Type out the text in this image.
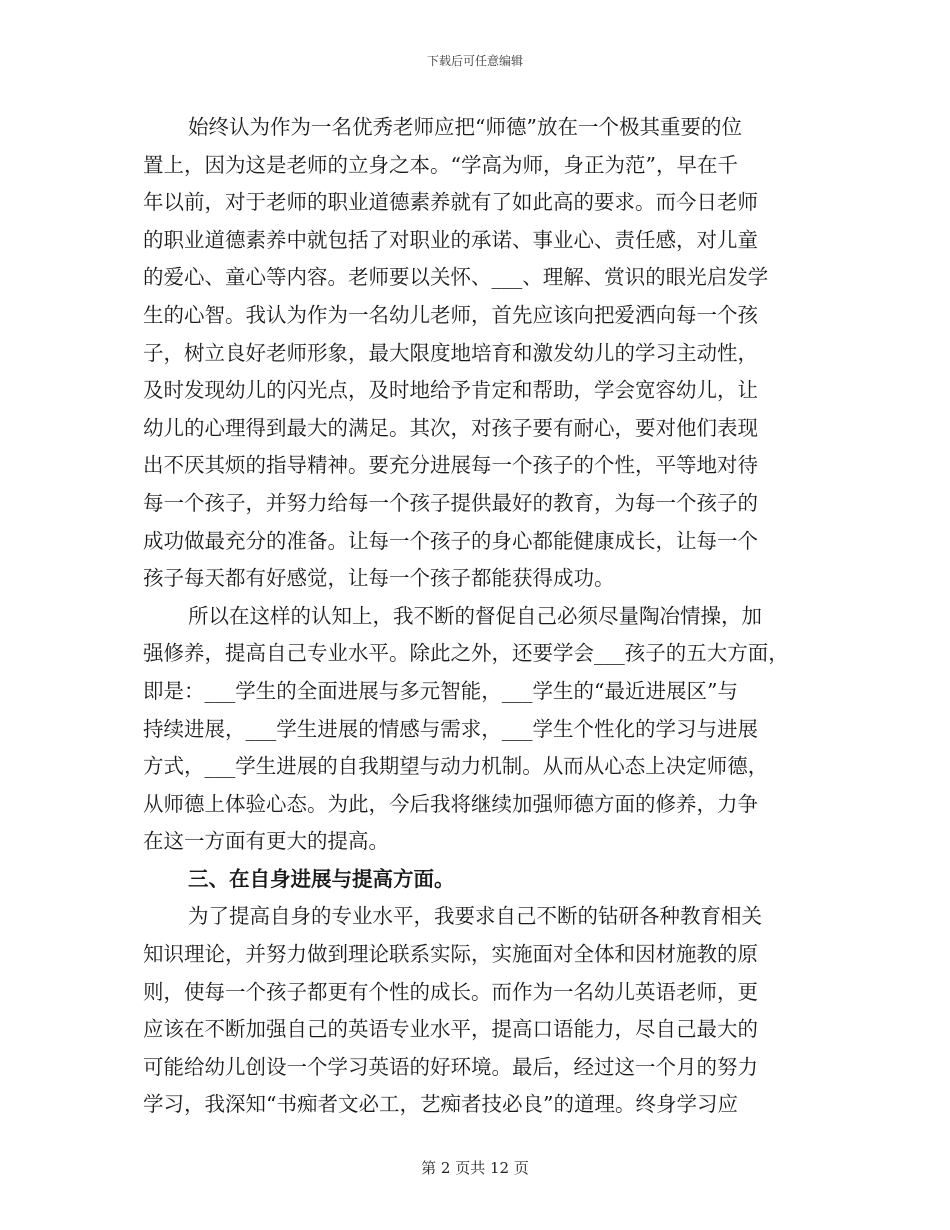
下载后可任意编辑
始终认为作为一名优秀老师应把“师德”放在一个极其重要的位
置上，因为这是老师的立身之本。“学高为师，身正为范”，早在千
年以前，对于老师的职业道德素养就有了如此高的要求。而今日老师
的职业道德素养中就包括了对职业的承诺、事业心、责任感，对儿童
的爱心、童心等内容。老师要以关怀、___、理解、赏识的眼光启发学
生的心智。我认为作为一名幼儿老师，首先应该向把爱洒向每一个孩
子，树立良好老师形象，最大限度地培育和激发幼儿的学习主动性，
及时发现幼儿的闪光点，及时地给予肯定和帮助，学会宽容幼儿，让
幼儿的心理得到最大的满足。其次，对孩子要有耐心，要对他们表现
出不厌其烦的指导精神。要充分进展每一个孩子的个性，平等地对待
每一个孩子，并努力给每一个孩子提供最好的教育，为每一个孩子的
成功做最充分的准备。让每一个孩子的身心都能健康成长，让每一个
孩子每天都有好感觉，让每一个孩子都能获得成功。
所以在这样的认知上，我不断的督促自己必须尽量陶冶情操，加
强修养，提高自己专业水平。除此之外，还要学会___孩子的五大方面，
即是：___学生的全面进展与多元智能，___学生的“最近进展区”与
持续进展，___学生进展的情感与需求，___学生个性化的学习与进展
方式，___学生进展的自我期望与动力机制。从而从心态上决定师德，
从师德上体验心态。为此，今后我将继续加强师德方面的修养，力争
在这一方面有更大的提高。
三、在自身进展与提高方面。
为了提高自身的专业水平，我要求自己不断的钻研各种教育相关
知识理论，并努力做到理论联系实际，实施面对全体和因材施教的原
则，使每一个孩子都更有个性的成长。而作为一名幼儿英语老师，更
应该在不断加强自己的英语专业水平，提高口语能力，尽自己最大的
可能给幼儿创设一个学习英语的好环境。最后，经过这一个月的努力
学习，我深知“书痴者文必工，艺痴者技必良”的道理。终身学习应
第 2 页共 12 页
